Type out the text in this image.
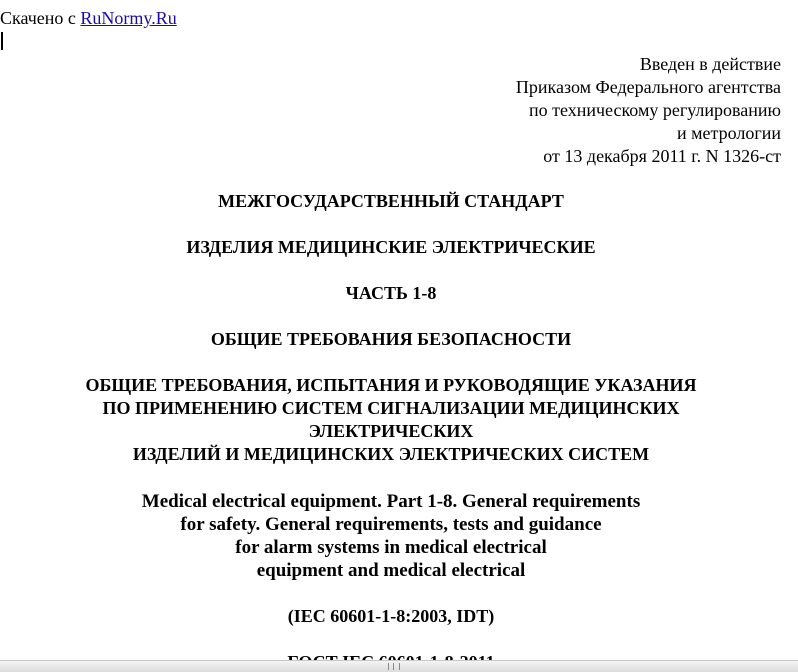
Скачено с RuNormy.Ru
Введен в действие
Приказом Федерального агентства
по техническому регулированию
и метрологии
от 13 декабря 2011 г. N 1326-ст
МЕЖГОСУДАРСТВЕННЫЙ СТАНДАРТ
ИЗДЕЛИЯ МЕДИЦИНСКИЕ ЭЛЕКТРИЧЕСКИЕ
ЧАСТЬ 1-8
ОБЩИЕ ТРЕБОВАНИЯ БЕЗОПАСНОСТИ
ОБЩИЕ ТРЕБОВАНИЯ, ИСПЫТАНИЯ И РУКОВОДЯЩИЕ УКАЗАНИЯ
ПО ПРИМЕНЕНИЮ СИСТЕМ СИГНАЛИЗАЦИИ МЕДИЦИНСКИХ
ЭЛЕКТРИЧЕСКИХ
ИЗДЕЛИЙ И МЕДИЦИНСКИХ ЭЛЕКТРИЧЕСКИХ СИСТЕМ
Medical electrical equipment. Part 1-8. General requirements
for safety. General requirements, tests and guidance
for alarm systems in medical electrical
equipment and medical electrical
(IEC 60601-1-8:2003, IDT)
